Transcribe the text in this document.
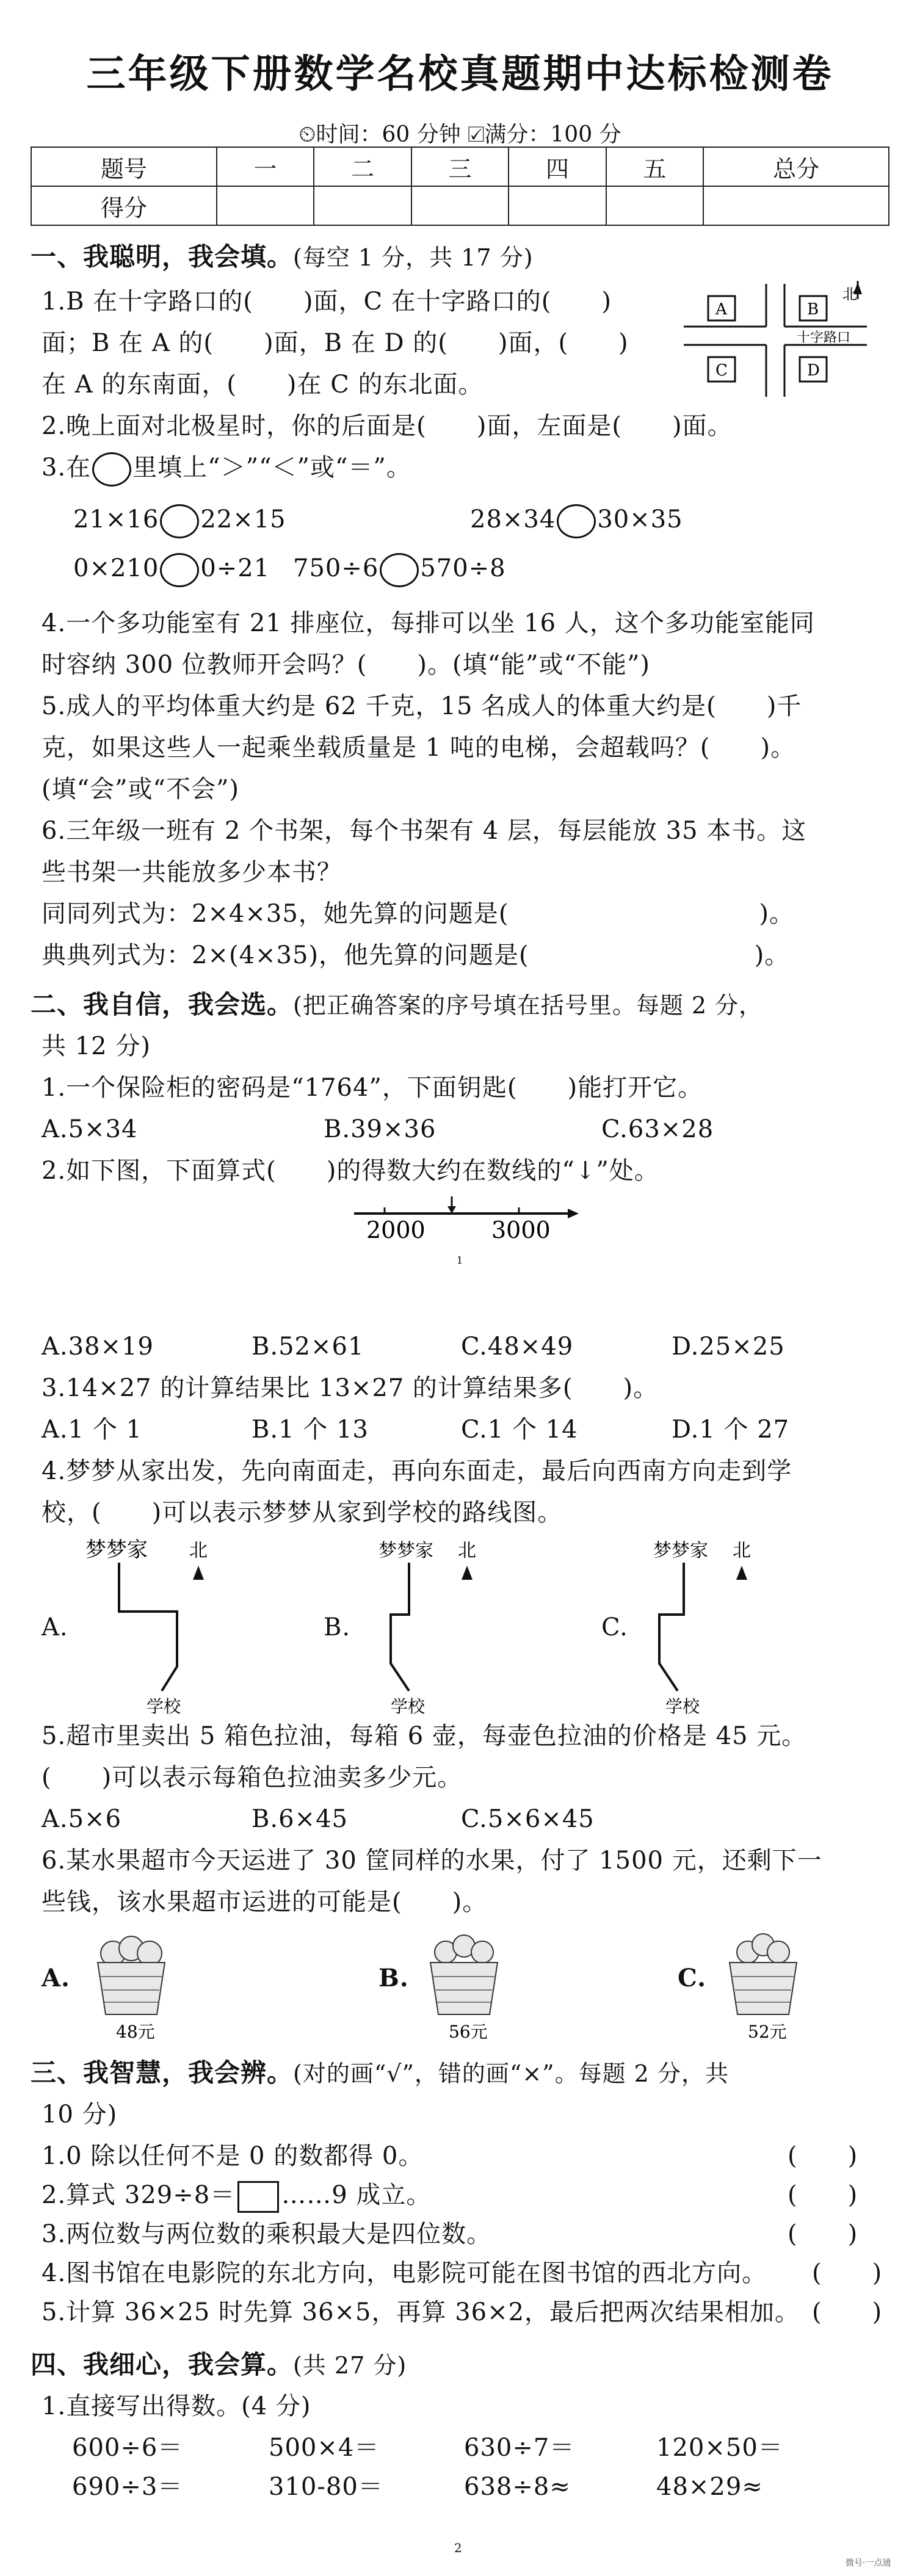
三年级下册数学名校真题期中达标检测卷
⏲时间：60 分钟 ☑满分：100 分
题号	一	二	三	四	五	总分
得分						
一、我聪明，我会填。(每空 1 分，共 17 分)
1.B 在十字路口的(　　)面，C 在十字路口的(　　)
面；B 在 A 的(　　)面，B 在 D 的(　　)面，(　　)
在 A 的东南面，(　　)在 C 的东北面。
A	B
C	D
十字路口
北
2.晚上面对北极星时，你的后面是(　　)面，左面是(　　)面。
3.在 里填上“＞”“＜”或“＝”。
21×16 22×15	28×34 30×35
0×210 0÷21 750÷6 570÷8
4.一个多功能室有 21 排座位，每排可以坐 16 人，这个多功能室能同
时容纳 300 位教师开会吗？(　　)。(填“能”或“不能”)
5.成人的平均体重大约是 62 千克，15 名成人的体重大约是(　　)千
克，如果这些人一起乘坐载质量是 1 吨的电梯，会超载吗？(　　)。
(填“会”或“不会”)
6.三年级一班有 2 个书架，每个书架有 4 层，每层能放 35 本书。这
些书架一共能放多少本书？
同同列式为：2×4×35，她先算的问题是(　　　　　　　　　　)。
典典列式为：2×(4×35)，他先算的问题是(　　　　　　　　　)。
二、我自信，我会选。(把正确答案的序号填在括号里。每题 2 分，
共 12 分)
1.一个保险柜的密码是“1764”，下面钥匙(　　)能打开它。
A.5×34	B.39×36	C.63×28
2.如下图，下面算式(　　)的得数大约在数线的“↓”处。
2000	3000
1
A.38×19	B.52×61	C.48×49	D.25×25
3.14×27 的计算结果比 13×27 的计算结果多(　　)。
A.1 个 1	B.1 个 13	C.1 个 14	D.1 个 27
4.梦梦从家出发，先向南面走，再向东面走，最后向西南方向走到学
校，(　　)可以表示梦梦从家到学校的路线图。
A.
梦梦家 北
学校
B.
梦梦家 北
学校
C.
梦梦家 北
学校
5.超市里卖出 5 箱色拉油，每箱 6 壶，每壶色拉油的价格是 45 元。
(　　)可以表示每箱色拉油卖多少元。
A.5×6	B.6×45	C.5×6×45
6.某水果超市今天运进了 30 筐同样的水果，付了 1500 元，还剩下一
些钱，该水果超市运进的可能是(　　)。
A.
48元
B.
56元
C.
52元
三、我智慧，我会辨。(对的画“√”，错的画“×”。每题 2 分，共
10 分)
1.0 除以任何不是 0 的数都得 0。	(　　)
2.算式 329÷8＝ ……9 成立。	(　　)
3.两位数与两位数的乘积最大是四位数。	(　　)
4.图书馆在电影院的东北方向，电影院可能在图书馆的西北方向。 (　　)
5.计算 36×25 时先算 36×5，再算 36×2，最后把两次结果相加。 (　　)
四、我细心，我会算。(共 27 分)
1.直接写出得数。(4 分)
600÷6＝	500×4＝	630÷7＝	120×50＝
690÷3＝	310-80＝	638÷8≈	48×29≈
2
微号·一点通
